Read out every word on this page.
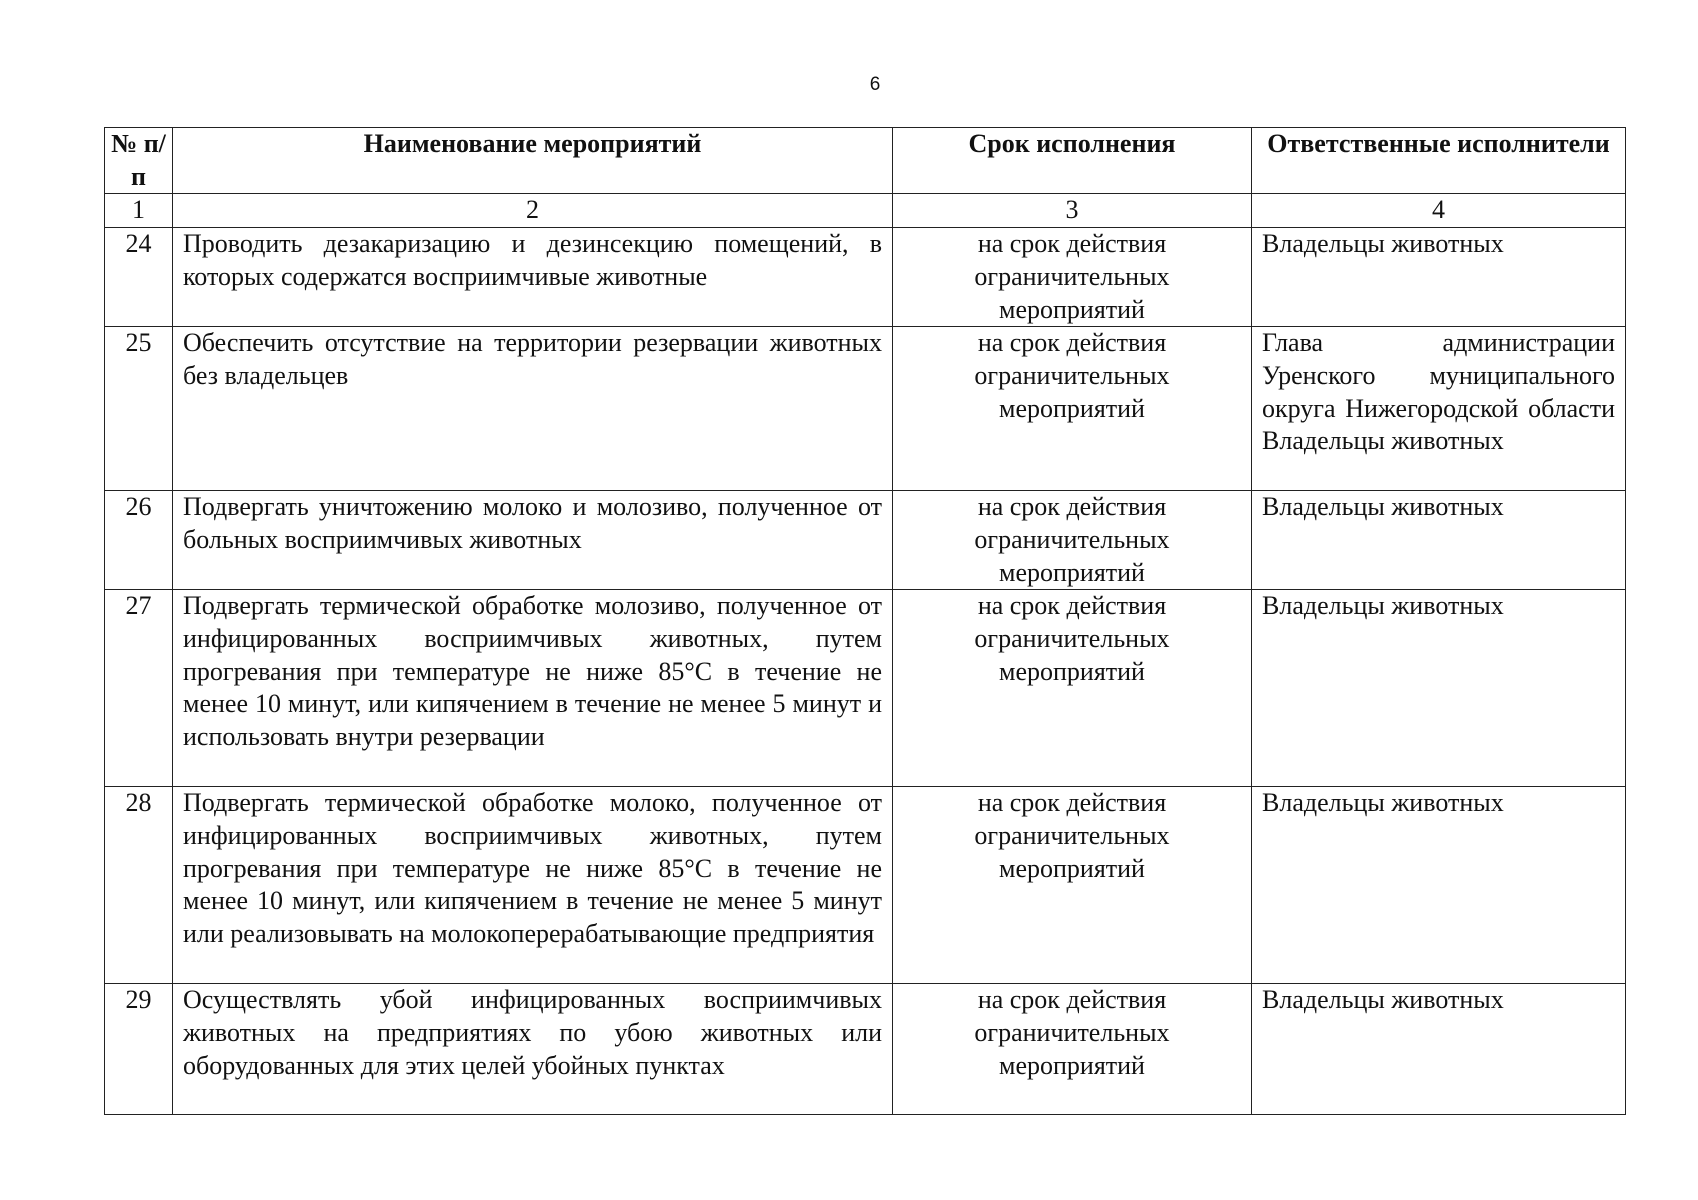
6
№ п/п	Наименование мероприятий	Срок исполнения	Ответственные исполнители
1	2	3	4
24	Проводить дезакаризацию и дезинсекцию помещений, в которых содержатся восприимчивые животные	на срок действия ограничительных мероприятий	Владельцы животных

25	Обеспечить отсутствие на территории резервации животных без владельцев	на срок действия ограничительных мероприятий	Глава администрации Уренского муниципального округа Нижегородской области
Владельцы животных

26	Подвергать уничтожению молоко и молозиво, полученное от больных восприимчивых животных	на срок действия ограничительных мероприятий	Владельцы животных

27	Подвергать термической обработке молозиво, полученное от инфицированных восприимчивых животных, путем прогревания при температуре не ниже 85°С в течение не менее 10 минут, или кипячением в течение не менее 5 минут и использовать внутри резервации	на срок действия ограничительных мероприятий	Владельцы животных

28	Подвергать термической обработке молоко, полученное от инфицированных восприимчивых животных, путем прогревания при температуре не ниже 85°С в течение не менее 10 минут, или кипячением в течение не менее 5 минут или реализовывать на молокоперерабатывающие предприятия	на срок действия ограничительных мероприятий	Владельцы животных

29	Осуществлять убой инфицированных восприимчивых животных на предприятиях по убою животных или оборудованных для этих целей убойных пунктах	на срок действия ограничительных мероприятий	Владельцы животных
